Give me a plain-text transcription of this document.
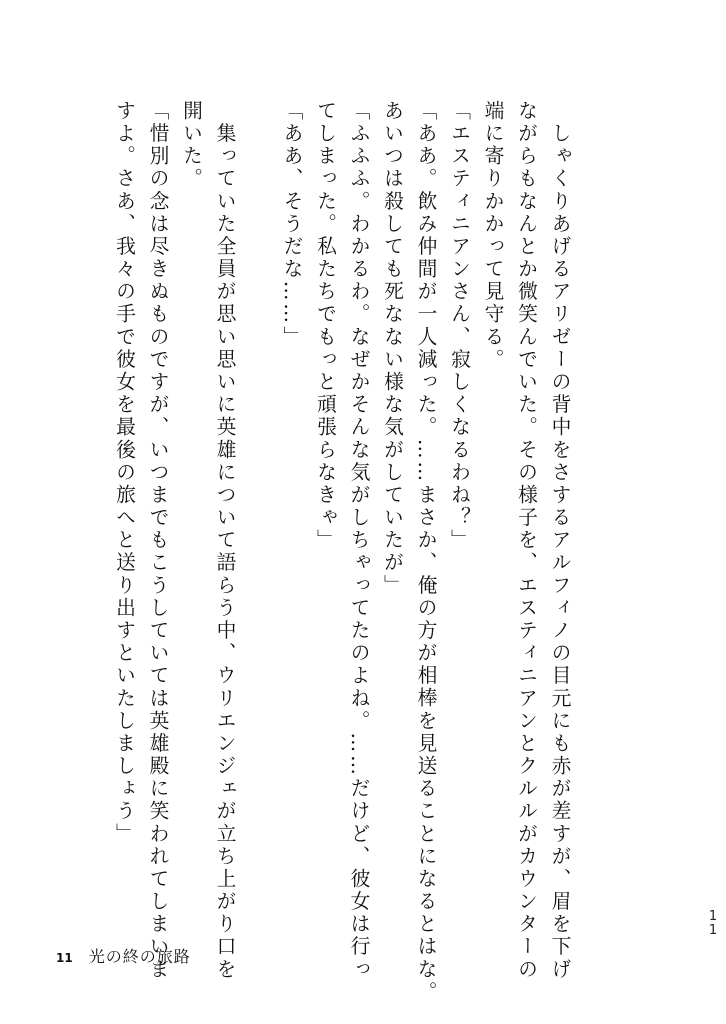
　しゃくりあげるアリゼーの背中をさするアルフィノの目元にも赤が差すが、眉を下げ
ながらもなんとか微笑んでいた。その様子を、エスティニアンとクルルがカウンターの
端に寄りかかって見守る。
「エスティニアンさん、寂しくなるわね？」
「ああ。飲み仲間が一人減った。……まさか、俺の方が相棒を見送ることになるとはな。
あいつは殺しても死なない様な気がしていたが」
「ふふふ。わかるわ。なぜかそんな気がしちゃってたのよね。……だけど、彼女は行っ
てしまった。私たちでもっと頑張らなきゃ」
「ああ、そうだな……」
　集っていた全員が思い思いに英雄について語らう中、ウリエンジェが立ち上がり口を
開いた。
「惜別の念は尽きぬものですが、いつまでもこうしていては英雄殿に笑われてしまいま
すよ。さあ、我々の手で彼女を最後の旅へと送り出すといたしましょう」
11
11 光の終の旅路
